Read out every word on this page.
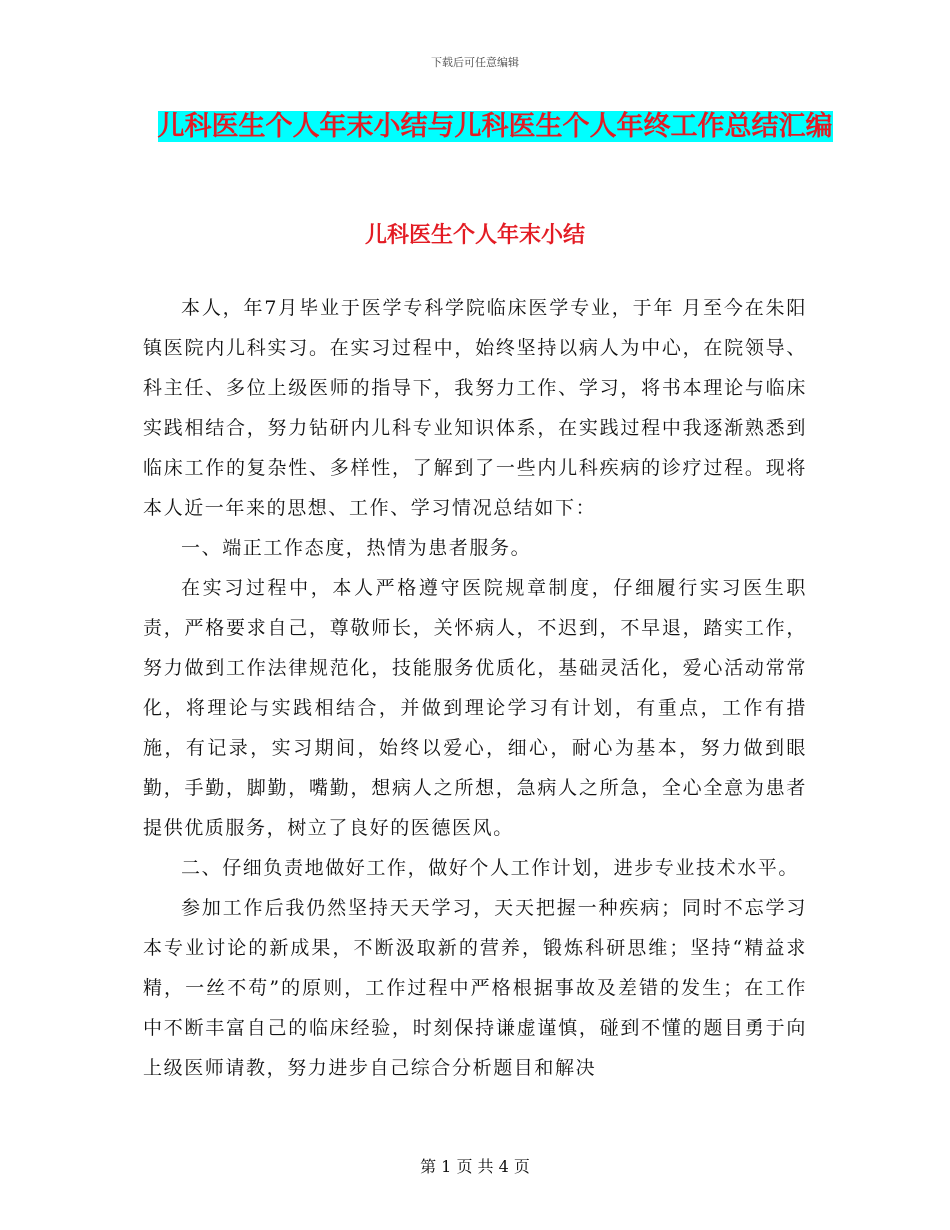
下载后可任意编辑
儿科医生个人年末小结与儿科医生个人年终工作总结汇编
儿科医生个人年末小结

本人，年7月毕业于医学专科学院临床医学专业，于年 月至今在朱阳镇医院内儿科实习。在实习过程中，始终坚持以病人为中心，在院领导、科主任、多位上级医师的指导下，我努力工作、学习，将书本理论与临床实践相结合，努力钻研内儿科专业知识体系，在实践过程中我逐渐熟悉到临床工作的复杂性、多样性，了解到了一些内儿科疾病的诊疗过程。现将本人近一年来的思想、工作、学习情况总结如下：

一、端正工作态度，热情为患者服务。

在实习过程中，本人严格遵守医院规章制度，仔细履行实习医生职责，严格要求自己，尊敬师长，关怀病人，不迟到，不早退，踏实工作，努力做到工作法律规范化，技能服务优质化，基础灵活化，爱心活动常常化，将理论与实践相结合，并做到理论学习有计划，有重点，工作有措施，有记录，实习期间，始终以爱心，细心，耐心为基本，努力做到眼勤，手勤，脚勤，嘴勤，想病人之所想，急病人之所急，全心全意为患者提供优质服务，树立了良好的医德医风。

二、仔细负责地做好工作，做好个人工作计划，进步专业技术水平。

参加工作后我仍然坚持天天学习，天天把握一种疾病；同时不忘学习本专业讨论的新成果，不断汲取新的营养，锻炼科研思维；坚持“精益求精，一丝不苟”的原则，工作过程中严格根据事故及差错的发生；在工作中不断丰富自己的临床经验，时刻保持谦虚谨慎，碰到不懂的题目勇于向上级医师请教，努力进步自己综合分析题目和解决

第 1 页 共 4 页
